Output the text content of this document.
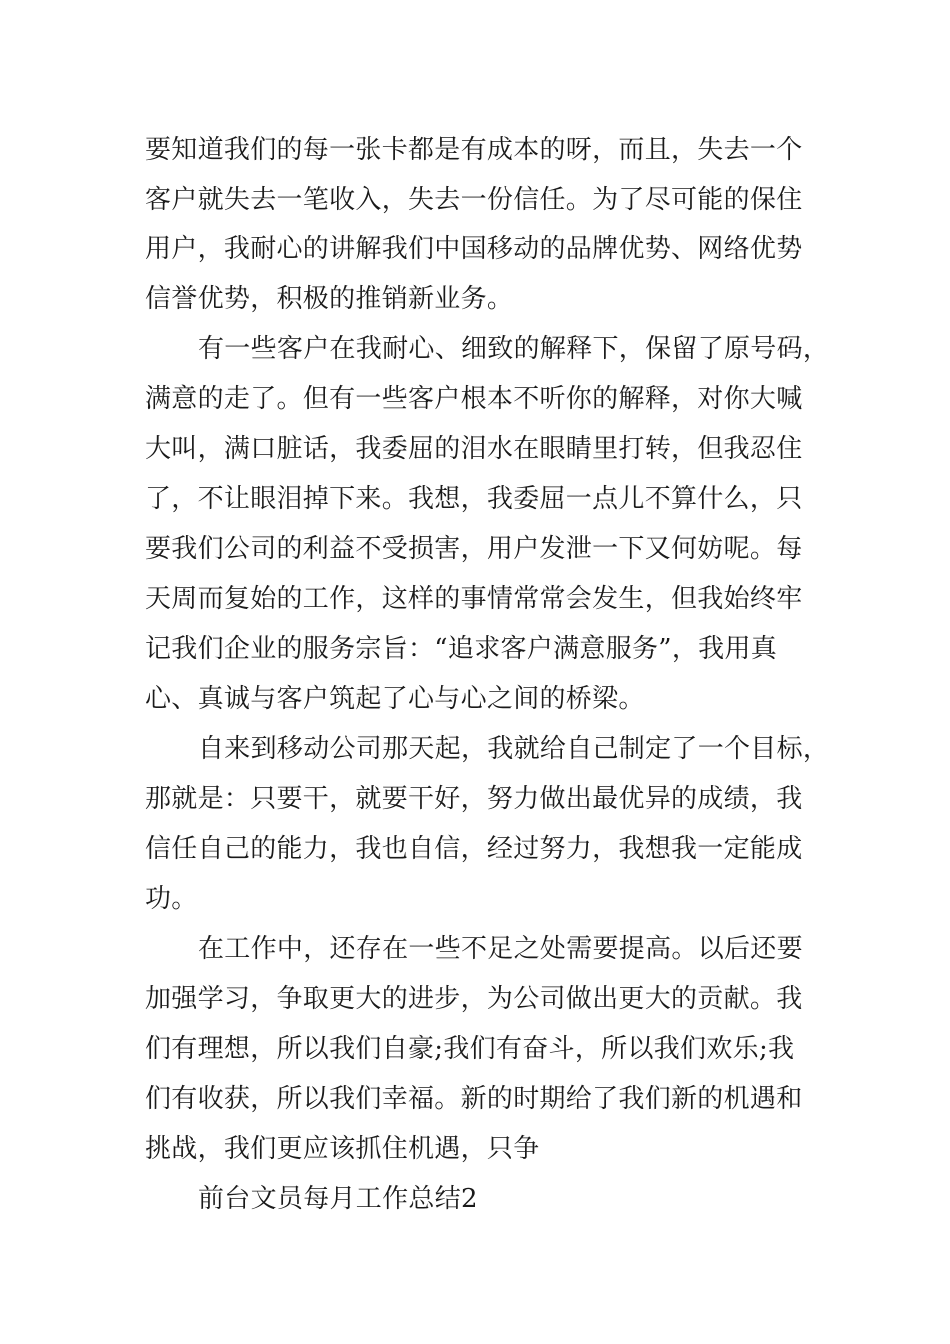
要知道我们的每一张卡都是有成本的呀，而且，失去一个
客户就失去一笔收入，失去一份信任。为了尽可能的保住
用户，我耐心的讲解我们中国移动的品牌优势、网络优势
信誉优势，积极的推销新业务。
有一些客户在我耐心、细致的解释下，保留了原号码，
满意的走了。但有一些客户根本不听你的解释，对你大喊
大叫，满口脏话，我委屈的泪水在眼睛里打转，但我忍住
了，不让眼泪掉下来。我想，我委屈一点儿不算什么，只
要我们公司的利益不受损害，用户发泄一下又何妨呢。每
天周而复始的工作，这样的事情常常会发生，但我始终牢
记我们企业的服务宗旨：“追求客户满意服务”，我用真
心、真诚与客户筑起了心与心之间的桥梁。
自来到移动公司那天起，我就给自己制定了一个目标，
那就是：只要干，就要干好，努力做出最优异的成绩，我
信任自己的能力，我也自信，经过努力，我想我一定能成
功。
在工作中，还存在一些不足之处需要提高。以后还要
加强学习，争取更大的进步，为公司做出更大的贡献。我
们有理想，所以我们自豪;我们有奋斗，所以我们欢乐;我
们有收获，所以我们幸福。新的时期给了我们新的机遇和
挑战，我们更应该抓住机遇，只争
前台文员每月工作总结2
